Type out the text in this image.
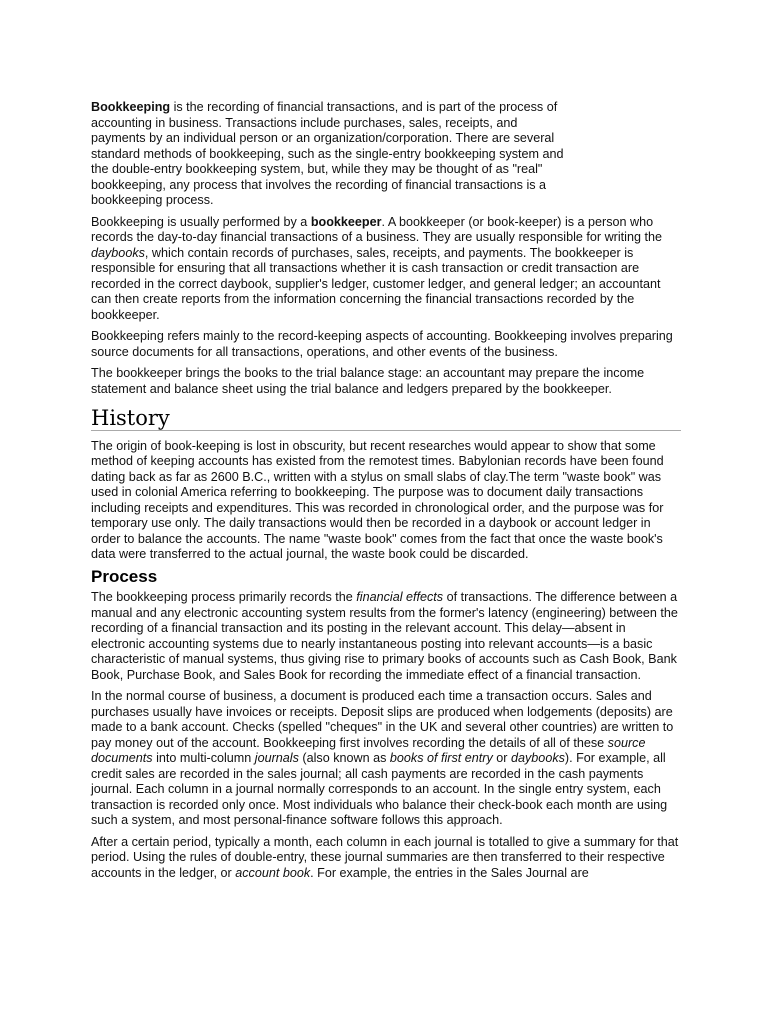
Bookkeeping is the recording of financial transactions, and is part of the process of accounting in business. Transactions include purchases, sales, receipts, and payments by an individual person or an organization/corporation. There are several standard methods of bookkeeping, such as the single-entry bookkeeping system and the double-entry bookkeeping system, but, while they may be thought of as "real" bookkeeping, any process that involves the recording of financial transactions is a bookkeeping process.

Bookkeeping is usually performed by a bookkeeper. A bookkeeper (or book-keeper) is a person who records the day-to-day financial transactions of a business. They are usually responsible for writing the daybooks, which contain records of purchases, sales, receipts, and payments. The bookkeeper is responsible for ensuring that all transactions whether it is cash transaction or credit transaction are recorded in the correct daybook, supplier's ledger, customer ledger, and general ledger; an accountant can then create reports from the information concerning the financial transactions recorded by the bookkeeper.

Bookkeeping refers mainly to the record-keeping aspects of accounting. Bookkeeping involves preparing source documents for all transactions, operations, and other events of the business.

The bookkeeper brings the books to the trial balance stage: an accountant may prepare the income statement and balance sheet using the trial balance and ledgers prepared by the bookkeeper.

History

The origin of book-keeping is lost in obscurity, but recent researches would appear to show that some method of keeping accounts has existed from the remotest times. Babylonian records have been found dating back as far as 2600 B.C., written with a stylus on small slabs of clay.The term "waste book" was used in colonial America referring to bookkeeping. The purpose was to document daily transactions including receipts and expenditures. This was recorded in chronological order, and the purpose was for temporary use only. The daily transactions would then be recorded in a daybook or account ledger in order to balance the accounts. The name "waste book" comes from the fact that once the waste book's data were transferred to the actual journal, the waste book could be discarded.

Process

The bookkeeping process primarily records the financial effects of transactions. The difference between a manual and any electronic accounting system results from the former's latency (engineering) between the recording of a financial transaction and its posting in the relevant account. This delay—absent in electronic accounting systems due to nearly instantaneous posting into relevant accounts—is a basic characteristic of manual systems, thus giving rise to primary books of accounts such as Cash Book, Bank Book, Purchase Book, and Sales Book for recording the immediate effect of a financial transaction.

In the normal course of business, a document is produced each time a transaction occurs. Sales and purchases usually have invoices or receipts. Deposit slips are produced when lodgements (deposits) are made to a bank account. Checks (spelled "cheques" in the UK and several other countries) are written to pay money out of the account. Bookkeeping first involves recording the details of all of these source documents into multi-column journals (also known as books of first entry or daybooks). For example, all credit sales are recorded in the sales journal; all cash payments are recorded in the cash payments journal. Each column in a journal normally corresponds to an account. In the single entry system, each transaction is recorded only once. Most individuals who balance their check-book each month are using such a system, and most personal-finance software follows this approach.

After a certain period, typically a month, each column in each journal is totalled to give a summary for that period. Using the rules of double-entry, these journal summaries are then transferred to their respective accounts in the ledger, or account book. For example, the entries in the Sales Journal are
